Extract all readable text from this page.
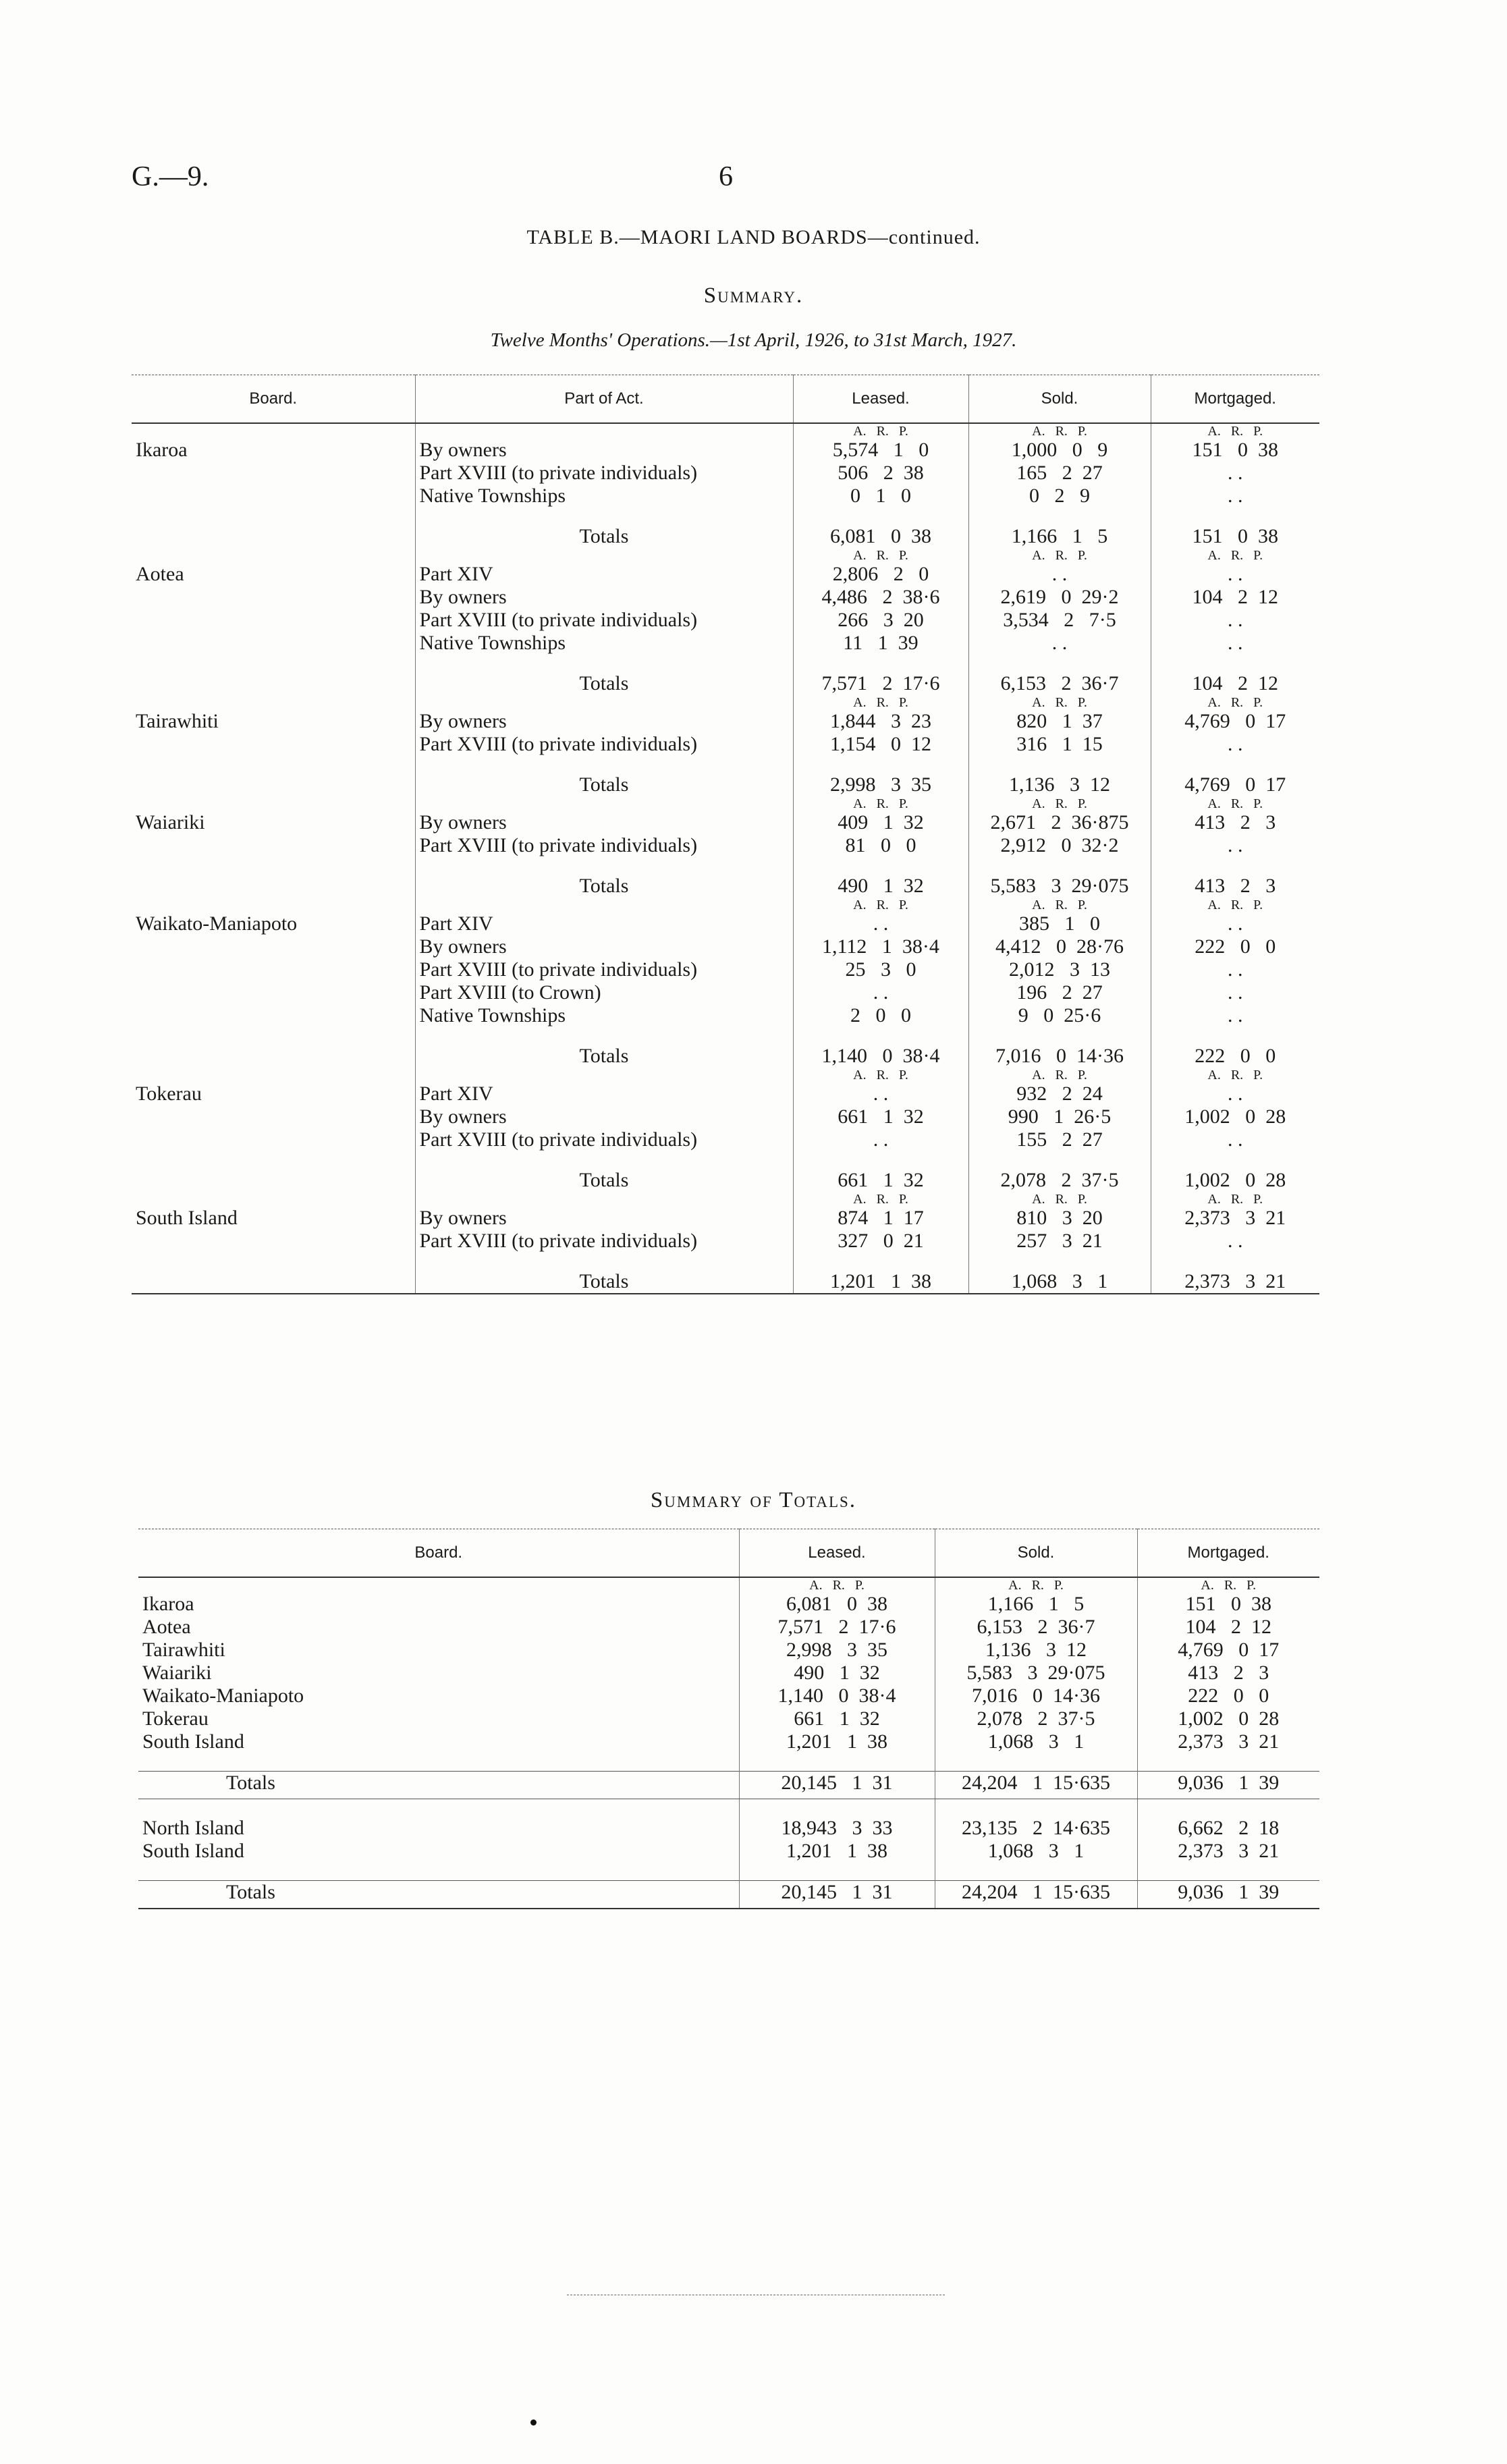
G.—9.	6
TABLE B.—MAORI LAND BOARDS—continued.
Summary.
Twelve Months' Operations.—1st April, 1926, to 31st March, 1927.
Board.	Part of Act.	Leased.	Sold.	Mortgaged.
		A.   R.   P.	A.   R.   P.	A.   R.   P.
Ikaroa	By owners	5,574   1   0	1,000   0   9	151   0  38
	Part XVIII (to private individuals)	506   2  38	165   2  27	. .
	Native Townships	0   1   0	0   2   9	. .

	Totals	6,081   0  38	1,166   1   5	151   0  38
		A.   R.   P.	A.   R.   P.	A.   R.   P.
Aotea	Part XIV	2,806   2   0	. .	. .
	By owners	4,486   2  38·6	2,619   0  29·2	104   2  12
	Part XVIII (to private individuals)	266   3  20	3,534   2   7·5	. .
	Native Townships	11   1  39	. .	. .

	Totals	7,571   2  17·6	6,153   2  36·7	104   2  12
		A.   R.   P.	A.   R.   P.	A.   R.   P.
Tairawhiti	By owners	1,844   3  23	820   1  37	4,769   0  17
	Part XVIII (to private individuals)	1,154   0  12	316   1  15	. .

	Totals	2,998   3  35	1,136   3  12	4,769   0  17
		A.   R.   P.	A.   R.   P.	A.   R.   P.
Waiariki	By owners	409   1  32	2,671   2  36·875	413   2   3
	Part XVIII (to private individuals)	81   0   0	2,912   0  32·2	. .

	Totals	490   1  32	5,583   3  29·075	413   2   3
		A.   R.   P.	A.   R.   P.	A.   R.   P.
Waikato-Maniapoto	Part XIV	. .	385   1   0	. .
	By owners	1,112   1  38·4	4,412   0  28·76	222   0   0
	Part XVIII (to private individuals)	25   3   0	2,012   3  13	. .
	Part XVIII (to Crown)	. .	196   2  27	. .
	Native Townships	2   0   0	9   0  25·6	. .

	Totals	1,140   0  38·4	7,016   0  14·36	222   0   0
		A.   R.   P.	A.   R.   P.	A.   R.   P.
Tokerau	Part XIV	. .	932   2  24	. .
	By owners	661   1  32	990   1  26·5	1,002   0  28
	Part XVIII (to private individuals)	. .	155   2  27	. .

	Totals	661   1  32	2,078   2  37·5	1,002   0  28
		A.   R.   P.	A.   R.   P.	A.   R.   P.
South Island	By owners	874   1  17	810   3  20	2,373   3  21
	Part XVIII (to private individuals)	327   0  21	257   3  21	. .

	Totals	1,201   1  38	1,068   3   1	2,373   3  21
Summary of Totals.
Board.	Leased.	Sold.	Mortgaged.
	A.   R.   P.	A.   R.   P.	A.   R.   P.
Ikaroa	6,081   0  38	1,166   1   5	151   0  38
Aotea	7,571   2  17·6	6,153   2  36·7	104   2  12
Tairawhiti	2,998   3  35	1,136   3  12	4,769   0  17
Waiariki	490   1  32	5,583   3  29·075	413   2   3
Waikato-Maniapoto	1,140   0  38·4	7,016   0  14·36	222   0   0
Tokerau	661   1  32	2,078   2  37·5	1,002   0  28
South Island	1,201   1  38	1,068   3   1	2,373   3  21

Totals	20,145   1  31	24,204   1  15·635	9,036   1  39

North Island	18,943   3  33	23,135   2  14·635	6,662   2  18
South Island	1,201   1  38	1,068   3   1	2,373   3  21

Totals	20,145   1  31	24,204   1  15·635	9,036   1  39
